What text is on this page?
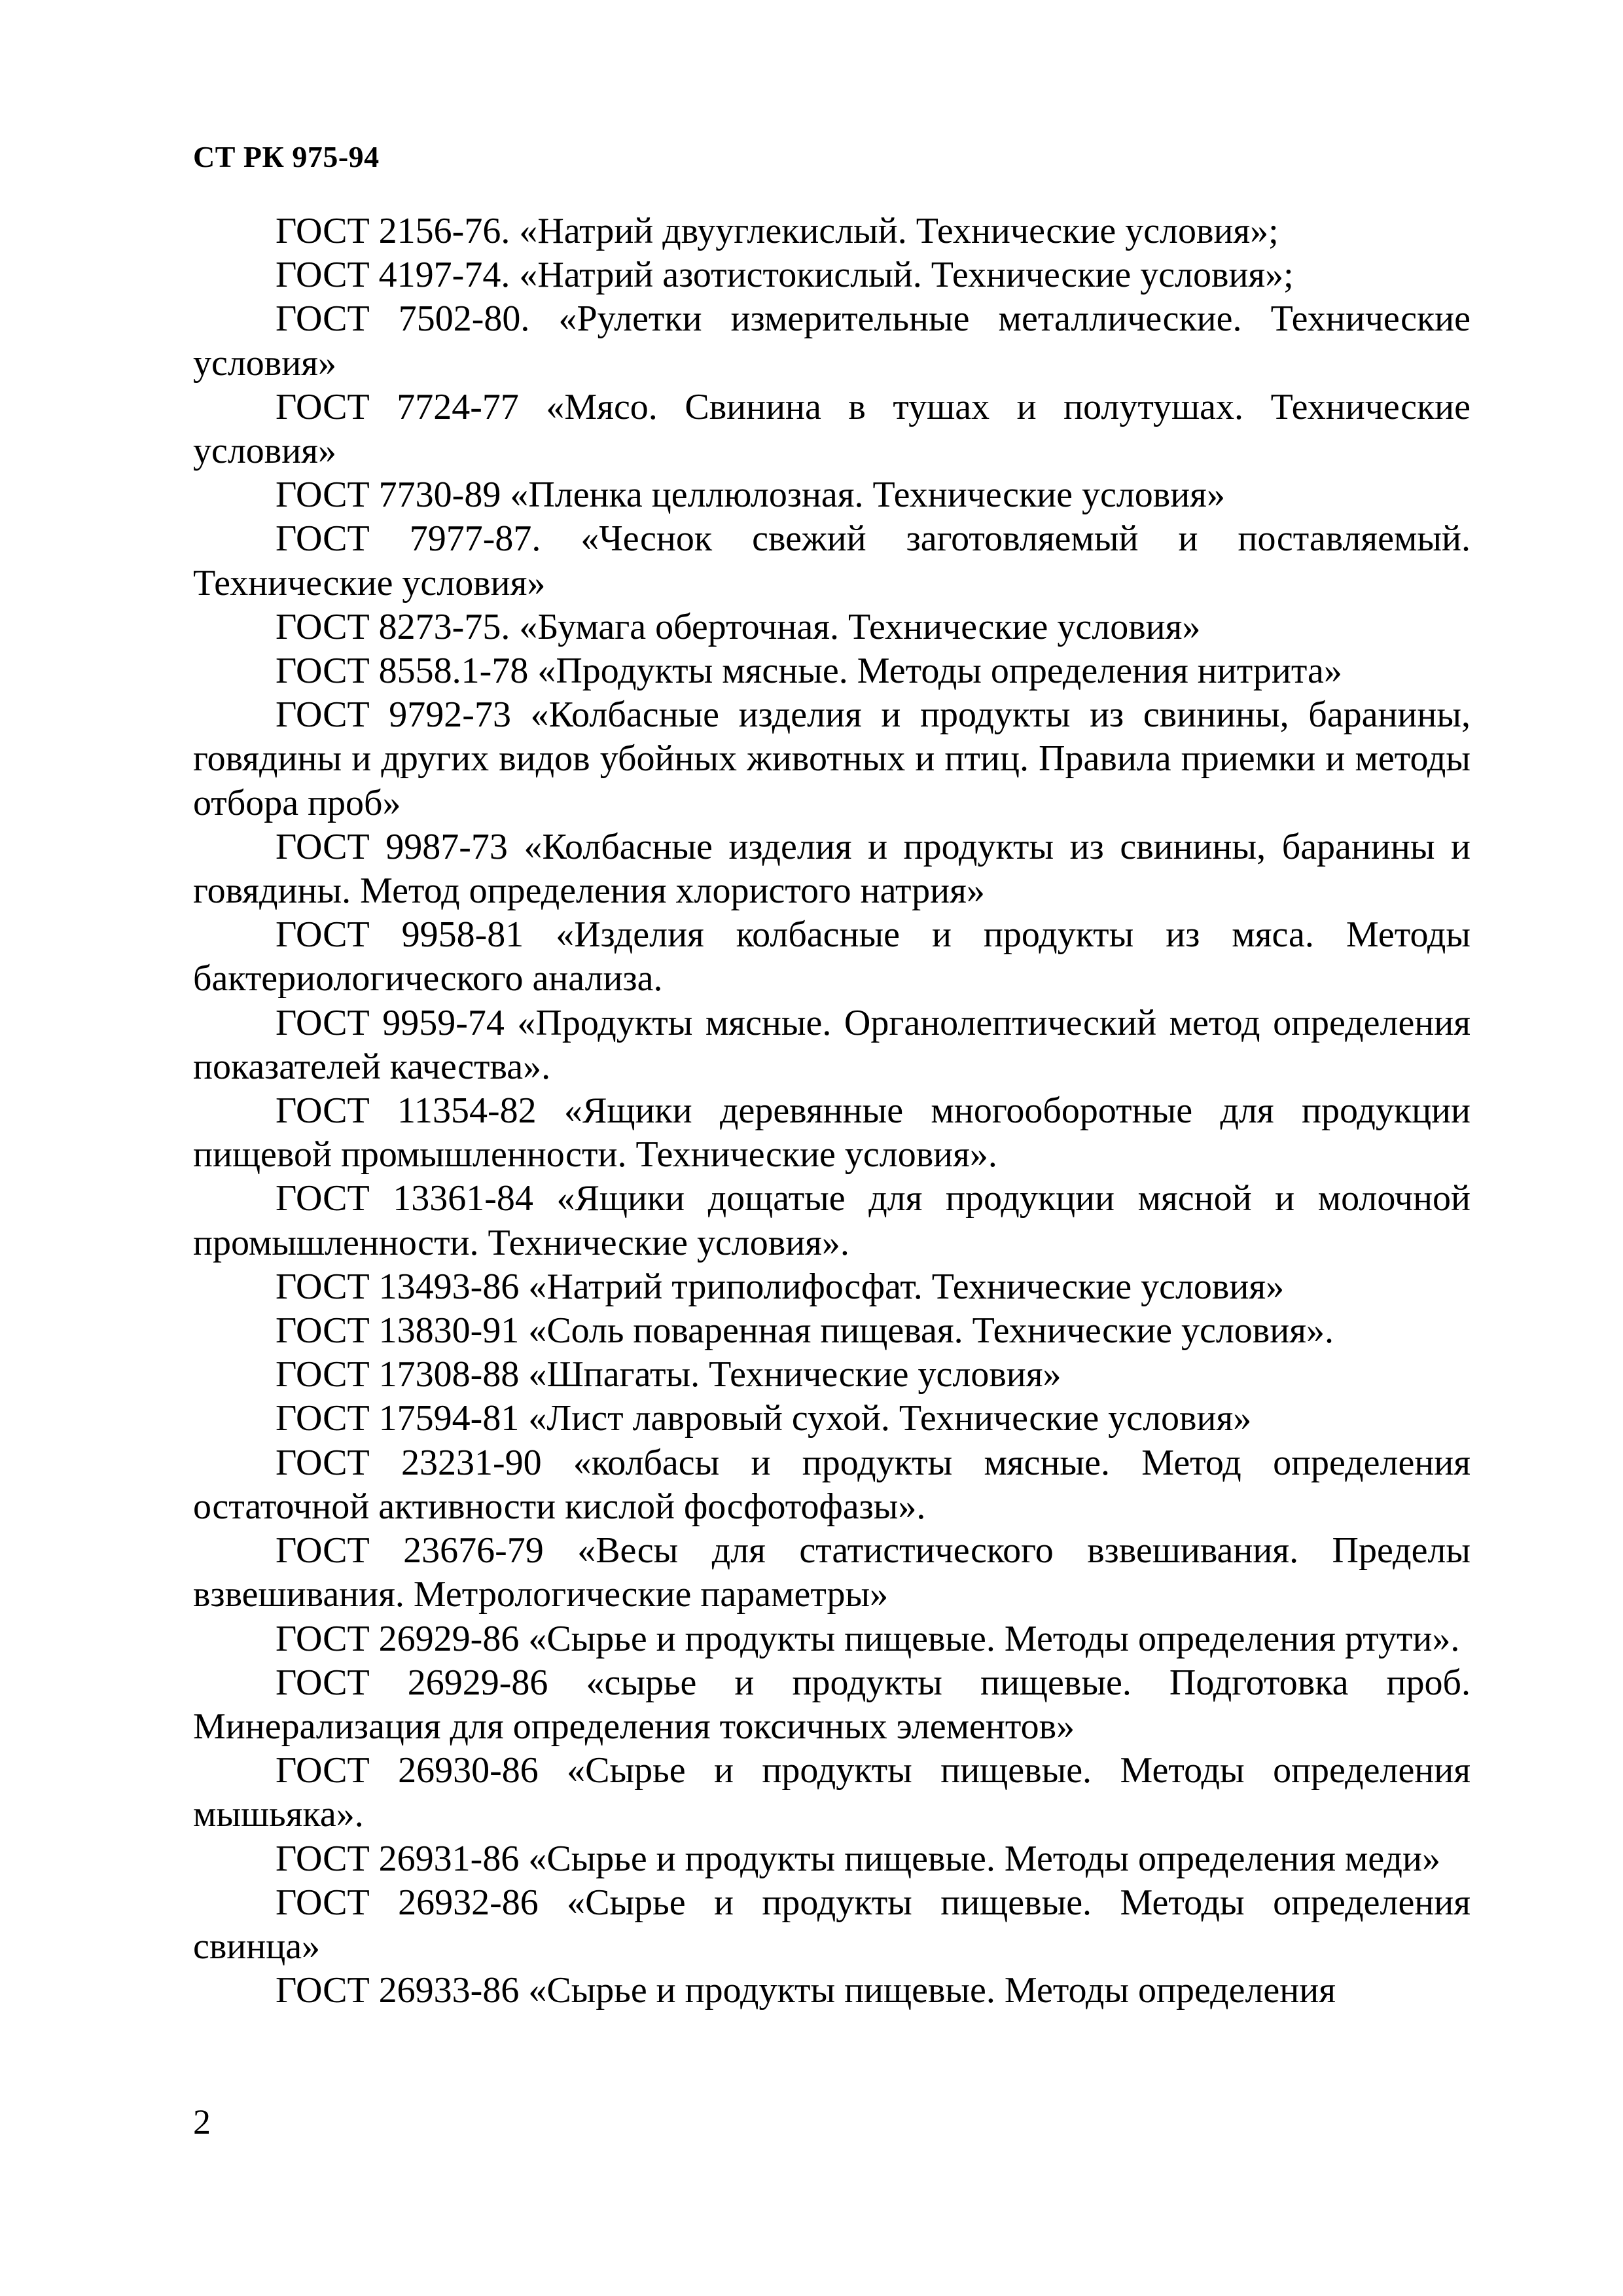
СТ РК 975-94
ГОСТ 2156-76. «Натрий двууглекислый. Технические условия»;
ГОСТ 4197-74. «Натрий азотистокислый. Технические условия»;
ГОСТ 7502-80. «Рулетки измерительные металлические. Технические условия»
ГОСТ 7724-77 «Мясо. Свинина в тушах и полутушах. Технические условия»
ГОСТ 7730-89 «Пленка целлюлозная. Технические условия»
ГОСТ 7977-87. «Чеснок свежий заготовляемый и поставляемый. Технические условия»
ГОСТ 8273-75. «Бумага оберточная. Технические условия»
ГОСТ 8558.1-78 «Продукты мясные. Методы определения нитрита»
ГОСТ 9792-73 «Колбасные изделия и продукты из свинины, баранины, говядины и других видов убойных животных и птиц. Правила приемки и методы отбора проб»
ГОСТ 9987-73 «Колбасные изделия и продукты из свинины, баранины и говядины. Метод определения хлористого натрия»
ГОСТ 9958-81 «Изделия колбасные и продукты из мяса. Методы бактериологического анализа.
ГОСТ 9959-74 «Продукты мясные. Органолептический метод определения показателей качества».
ГОСТ 11354-82 «Ящики деревянные многооборотные для продукции пищевой промышленности. Технические условия».
ГОСТ 13361-84 «Ящики дощатые для продукции мясной и молочной промышленности. Технические условия».
ГОСТ 13493-86 «Натрий триполифосфат. Технические условия»
ГОСТ 13830-91 «Соль поваренная пищевая. Технические условия».
ГОСТ 17308-88 «Шпагаты. Технические условия»
ГОСТ 17594-81 «Лист лавровый сухой. Технические условия»
ГОСТ 23231-90 «колбасы и продукты мясные. Метод определения остаточной активности кислой фосфотофазы».
ГОСТ 23676-79 «Весы для статистического взвешивания. Пределы взвешивания. Метрологические параметры»
ГОСТ 26929-86 «Сырье и продукты пищевые. Методы определения ртути».
ГОСТ 26929-86 «сырье и продукты пищевые. Подготовка проб. Минерализация для определения токсичных элементов»
ГОСТ 26930-86 «Сырье и продукты пищевые. Методы определения мышьяка».
ГОСТ 26931-86 «Сырье и продукты пищевые. Методы определения меди»
ГОСТ 26932-86 «Сырье и продукты пищевые. Методы определения свинца»
ГОСТ 26933-86 «Сырье и продукты пищевые. Методы определения
2
